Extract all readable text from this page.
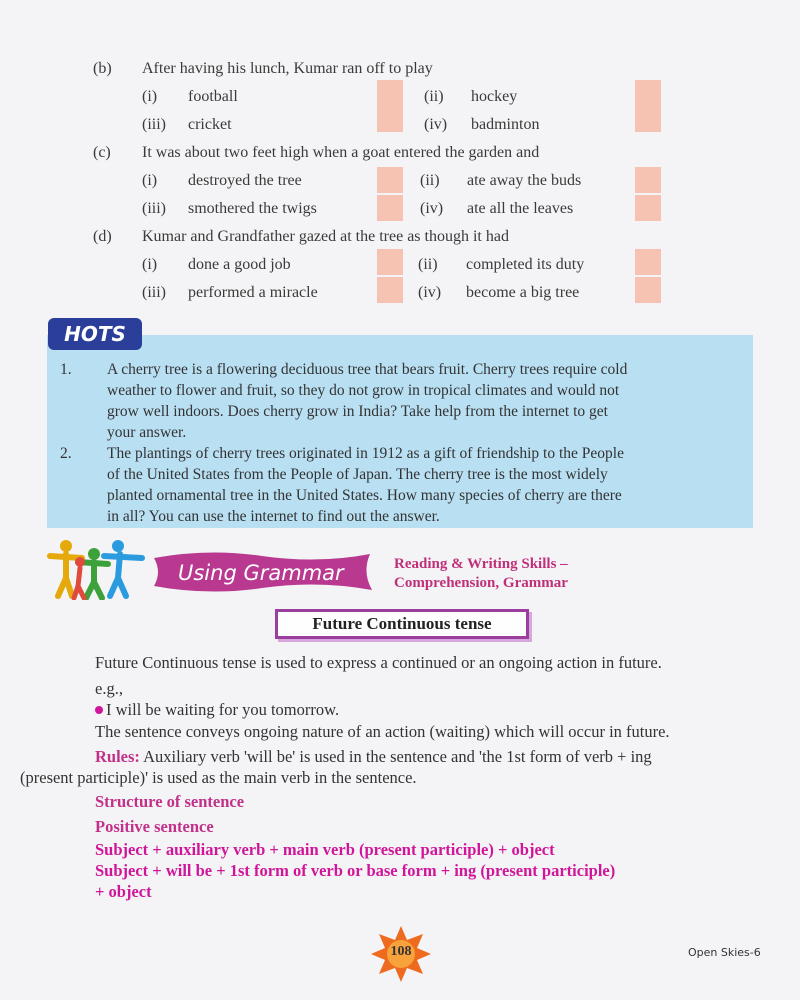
(b) After having his lunch, Kumar ran off to play
(i) football	(ii) hockey
(iii) cricket	(iv) badminton
(c) It was about two feet high when a goat entered the garden and
(i) destroyed the tree	(ii) ate away the buds
(iii) smothered the twigs	(iv) ate all the leaves
(d) Kumar and Grandfather gazed at the tree as though it had
(i) done a good job	(ii) completed its duty
(iii) performed a miracle	(iv) become a big tree
HOTS
1. A cherry tree is a flowering deciduous tree that bears fruit. Cherry trees require cold
weather to flower and fruit, so they do not grow in tropical climates and would not
grow well indoors. Does cherry grow in India? Take help from the internet to get
your answer.
2. The plantings of cherry trees originated in 1912 as a gift of friendship to the People
of the United States from the People of Japan. The cherry tree is the most widely
planted ornamental tree in the United States. How many species of cherry are there
in all? You can use the internet to find out the answer.
Using Grammar	Reading & Writing Skills –
Comprehension, Grammar
Future Continuous tense
Future Continuous tense is used to express a continued or an ongoing action in future.
e.g.,
I will be waiting for you tomorrow.
The sentence conveys ongoing nature of an action (waiting) which will occur in future.
Rules: Auxiliary verb 'will be' is used in the sentence and 'the 1st form of verb + ing
(present participle)' is used as the main verb in the sentence.
Structure of sentence
Positive sentence
Subject + auxiliary verb + main verb (present participle) + object
Subject + will be + 1st form of verb or base form + ing (present participle)
+ object
108	Open Skies-6
